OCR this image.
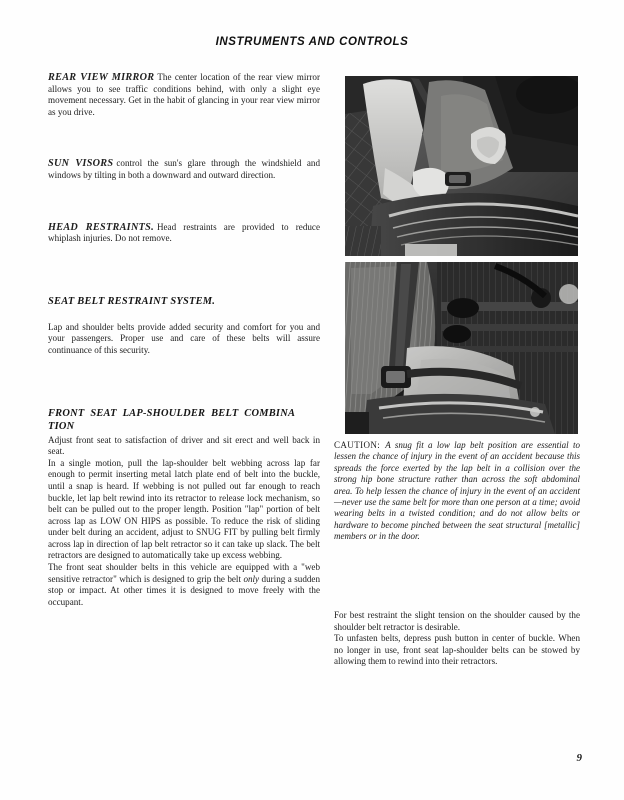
INSTRUMENTS AND CONTROLS

REAR VIEW MIRROR The center location of the rear view mirror allows you to see traffic conditions behind, with only a slight eye movement necessary. Get in the habit of glancing in your rear view mirror as you drive.

SUN VISORS control the sun's glare through the windshield and windows by tilting in both a downward and outward direction.

HEAD RESTRAINTS. Head restraints are provided to reduce whiplash injuries. Do not remove.

SEAT BELT RESTRAINT SYSTEM.

Lap and shoulder belts provide added security and comfort for you and your passengers. Proper use and care of these belts will assure continuance of this security.

FRONT SEAT LAP-SHOULDER BELT COMBINA
TION

Adjust front seat to satisfaction of driver and sit erect and well back in seat.

In a single motion, pull the lap-shoulder belt webbing across lap far enough to permit inserting metal latch plate end of belt into the buckle, until a snap is heard. If webbing is not pulled out far enough to reach buckle, let lap belt rewind into its retractor to release lock mechanism, so belt can be pulled out to the proper length. Position "lap" portion of belt across lap as LOW ON HIPS as possible. To reduce the risk of sliding under belt during an accident, adjust to SNUG FIT by pulling belt firmly across lap in direction of lap belt retractor so it can take up slack. The belt retractors are designed to automatically take up excess webbing.

The front seat shoulder belts in this vehicle are equipped with a "web sensitive retractor" which is designed to grip the belt only during a sudden stop or impact. At other times it is designed to move freely with the occupant.

CAUTION: A snug fit a low lap belt position are essential to lessen the chance of injury in the event of an accident because this spreads the force exerted by the lap belt in a collision over the strong hip bone structure rather than across the soft abdominal area. To help lessen the chance of injury in the event of an accident—never use the same belt for more than one person at a time; avoid wearing belts in a twisted condition; and do not allow belts or hardware to become pinched between the seat structural [metallic] members or in the door.

For best restraint the slight tension on the shoulder caused by the shoulder belt retractor is desirable.

To unfasten belts, depress push button in center of buckle. When no longer in use, front seat lap-shoulder belts can be stowed by allowing them to rewind into their retractors.

9
